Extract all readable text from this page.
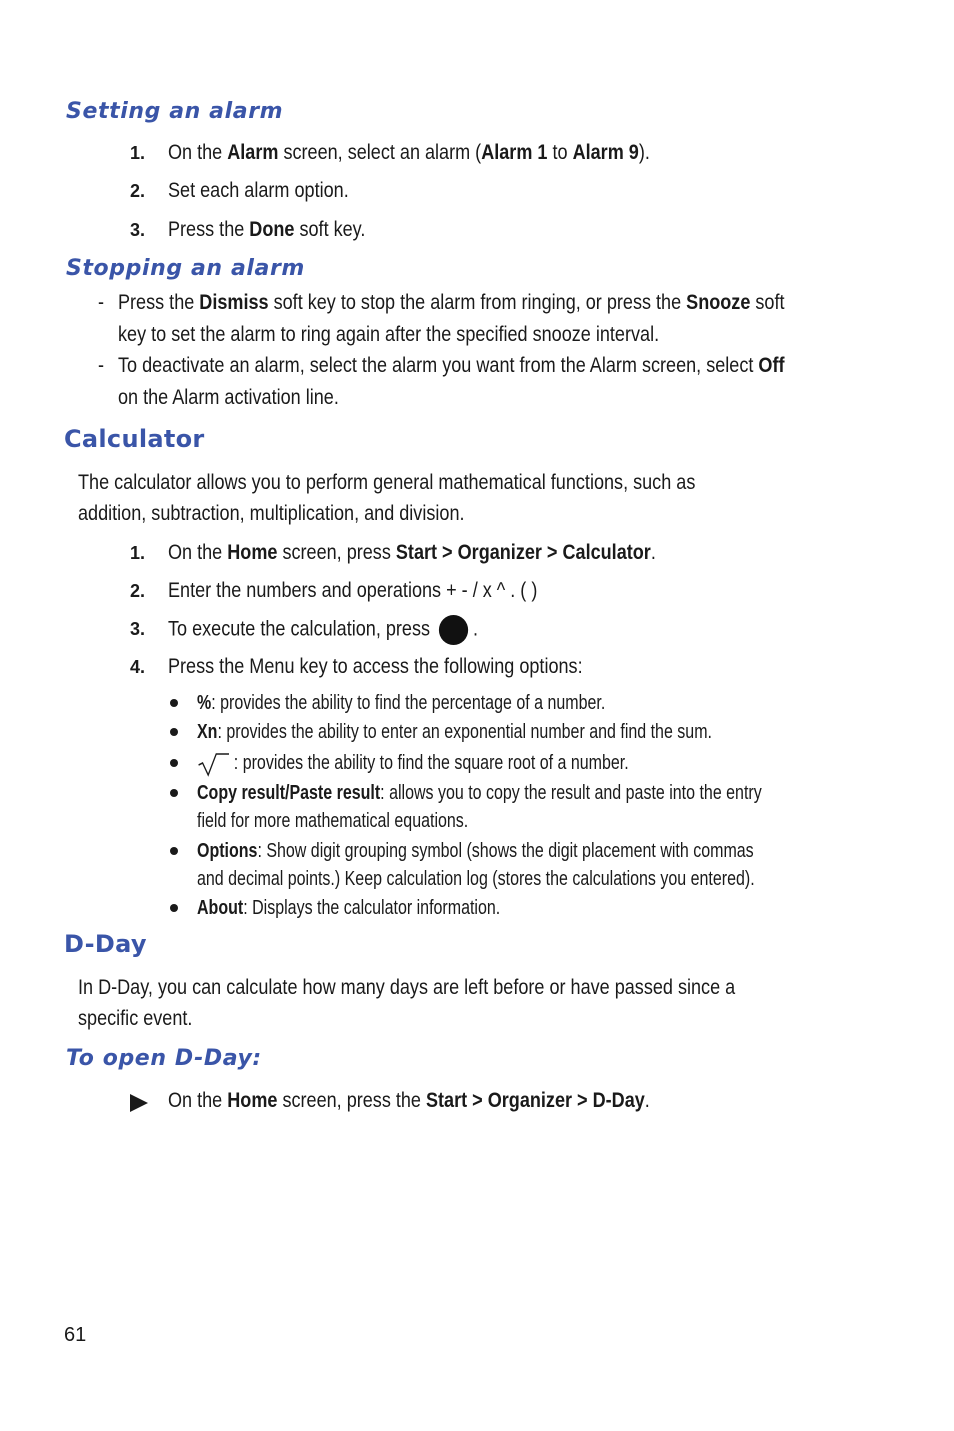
Setting an alarm
1. On the Alarm screen, select an alarm (Alarm 1 to Alarm 9).
2. Set each alarm option.
3. Press the Done soft key.
Stopping an alarm
- Press the Dismiss soft key to stop the alarm from ringing, or press the Snooze soft
key to set the alarm to ring again after the specified snooze interval.
- To deactivate an alarm, select the alarm you want from the Alarm screen, select Off
on the Alarm activation line.
Calculator
The calculator allows you to perform general mathematical functions, such as
addition, subtraction, multiplication, and division.
1. On the Home screen, press Start > Organizer > Calculator.
2. Enter the numbers and operations + - / x ^ . ( )
3. To execute the calculation, press .
4. Press the Menu key to access the following options:
%: provides the ability to find the percentage of a number.
Xn: provides the ability to enter an exponential number and find the sum.
: provides the ability to find the square root of a number.
Copy result/Paste result: allows you to copy the result and paste into the entry
field for more mathematical equations.
Options: Show digit grouping symbol (shows the digit placement with commas
and decimal points.) Keep calculation log (stores the calculations you entered).
About: Displays the calculator information.
D-Day
In D-Day, you can calculate how many days are left before or have passed since a
specific event.
To open D-Day:
On the Home screen, press the Start > Organizer > D-Day.
61
